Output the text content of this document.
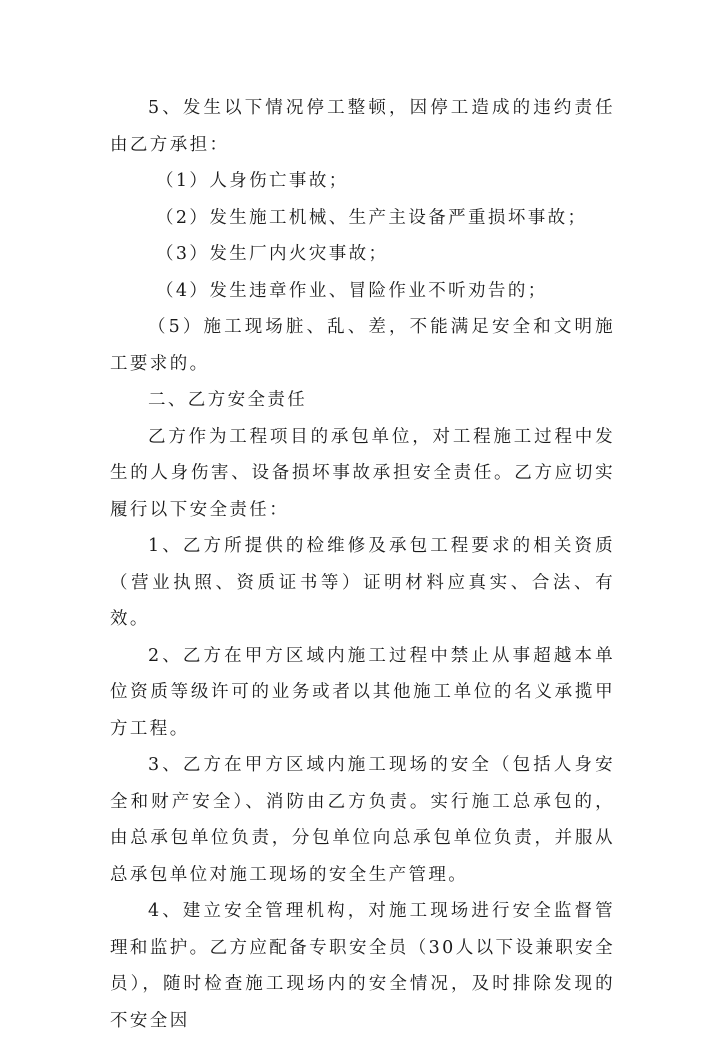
5、发生以下情况停工整顿，因停工造成的违约责任由乙方承担：

（1）人身伤亡事故；

（2）发生施工机械、生产主设备严重损坏事故；

（3）发生厂内火灾事故；

（4）发生违章作业、冒险作业不听劝告的；

（5）施工现场脏、乱、差，不能满足安全和文明施工要求的。

二、乙方安全责任

乙方作为工程项目的承包单位，对工程施工过程中发生的人身伤害、设备损坏事故承担安全责任。乙方应切实履行以下安全责任：

1、乙方所提供的检维修及承包工程要求的相关资质（营业执照、资质证书等）证明材料应真实、合法、有效。

2、乙方在甲方区域内施工过程中禁止从事超越本单位资质等级许可的业务或者以其他施工单位的名义承揽甲方工程。

3、乙方在甲方区域内施工现场的安全（包括人身安全和财产安全）、消防由乙方负责。实行施工总承包的，由总承包单位负责，分包单位向总承包单位负责，并服从总承包单位对施工现场的安全生产管理。

4、建立安全管理机构，对施工现场进行安全监督管理和监护。乙方应配备专职安全员（30人以下设兼职安全员），随时检查施工现场内的安全情况，及时排除发现的不安全因
